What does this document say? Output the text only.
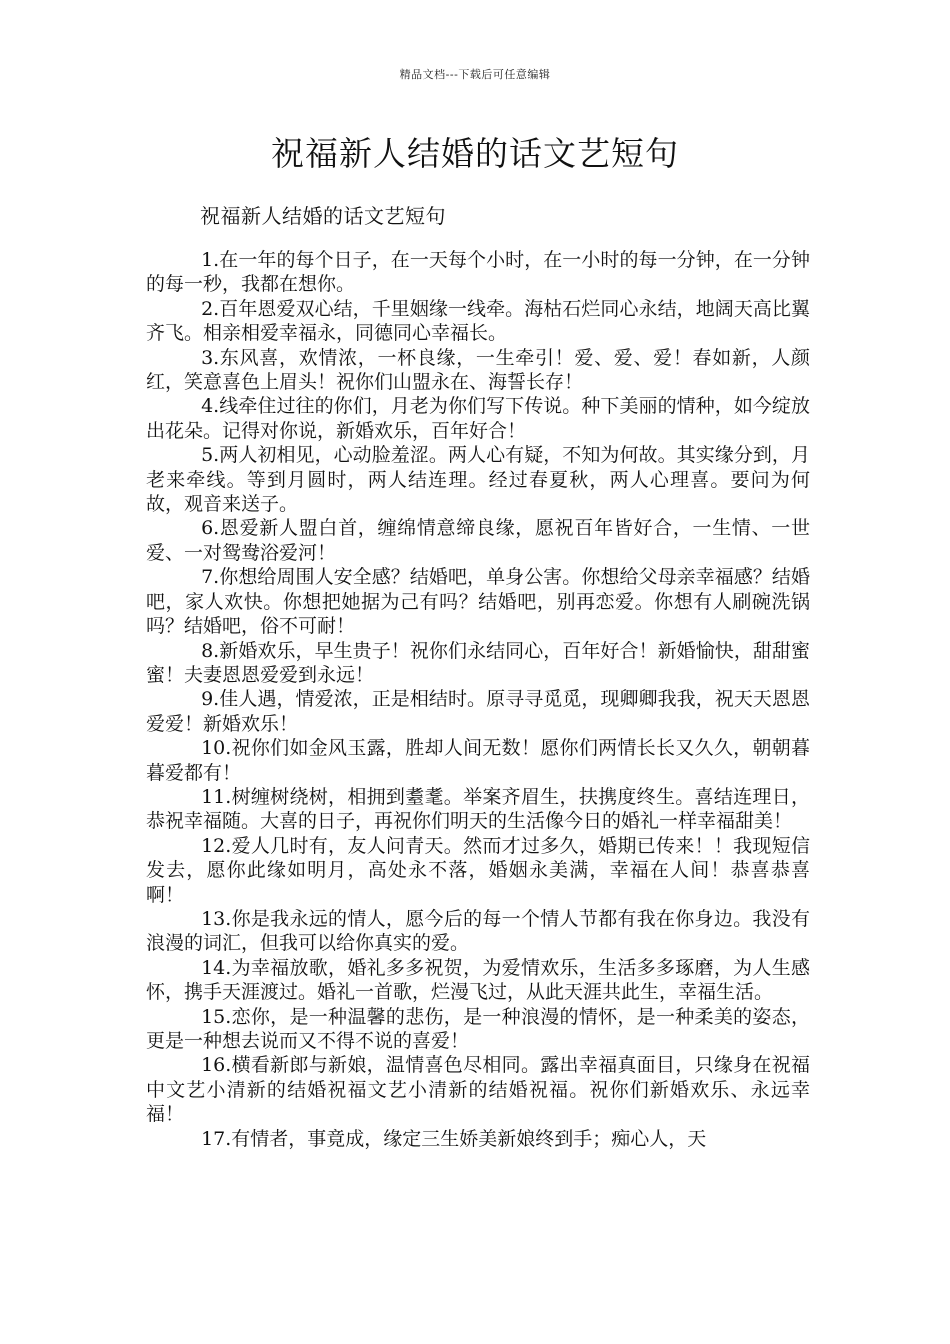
精品文档---下载后可任意编辑
祝福新人结婚的话文艺短句
祝福新人结婚的话文艺短句

1.在一年的每个日子，在一天每个小时，在一小时的每一分钟，在一分钟的每一秒，我都在想你。

2.百年恩爱双心结，千里姻缘一线牵。海枯石烂同心永结，地阔天高比翼齐飞。相亲相爱幸福永，同德同心幸福长。

3.东风喜，欢情浓，一杯良缘，一生牵引！爱、爱、爱！春如新，人颜红，笑意喜色上眉头！祝你们山盟永在、海誓长存！

4.线牵住过往的你们，月老为你们写下传说。种下美丽的情种，如今绽放出花朵。记得对你说，新婚欢乐，百年好合！

5.两人初相见，心动脸羞涩。两人心有疑，不知为何故。其实缘分到，月老来牵线。等到月圆时，两人结连理。经过春夏秋，两人心理喜。要问为何故，观音来送子。

6.恩爱新人盟白首，缠绵情意缔良缘，愿祝百年皆好合，一生情、一世爱、一对鸳鸯浴爱河！

7.你想给周围人安全感？结婚吧，单身公害。你想给父母亲幸福感？结婚吧，家人欢快。你想把她据为己有吗？结婚吧，别再恋爱。你想有人刷碗洗锅吗？结婚吧，俗不可耐！

8.新婚欢乐，早生贵子！祝你们永结同心，百年好合！新婚愉快，甜甜蜜蜜！夫妻恩恩爱爱到永远！

9.佳人遇，情爱浓，正是相结时。原寻寻觅觅，现卿卿我我，祝天天恩恩爱爱！新婚欢乐！

10.祝你们如金风玉露，胜却人间无数！愿你们两情长长又久久，朝朝暮暮爱都有！

11.树缠树绕树，相拥到耋耄。举案齐眉生，扶携度终生。喜结连理日，恭祝幸福随。大喜的日子，再祝你们明天的生活像今日的婚礼一样幸福甜美！

12.爱人几时有，友人问青天。然而才过多久，婚期已传来！！我现短信发去，愿你此缘如明月，高处永不落，婚姻永美满，幸福在人间！恭喜恭喜啊！

13.你是我永远的情人，愿今后的每一个情人节都有我在你身边。我没有浪漫的词汇，但我可以给你真实的爱。

14.为幸福放歌，婚礼多多祝贺，为爱情欢乐，生活多多琢磨，为人生感怀，携手天涯渡过。婚礼一首歌，烂漫飞过，从此天涯共此生，幸福生活。

15.恋你，是一种温馨的悲伤，是一种浪漫的情怀，是一种柔美的姿态，更是一种想去说而又不得不说的喜爱！

16.横看新郎与新娘，温情喜色尽相同。露出幸福真面目，只缘身在祝福中文艺小清新的结婚祝福文艺小清新的结婚祝福。祝你们新婚欢乐、永远幸福！

17.有情者，事竟成，缘定三生娇美新娘终到手；痴心人，天
